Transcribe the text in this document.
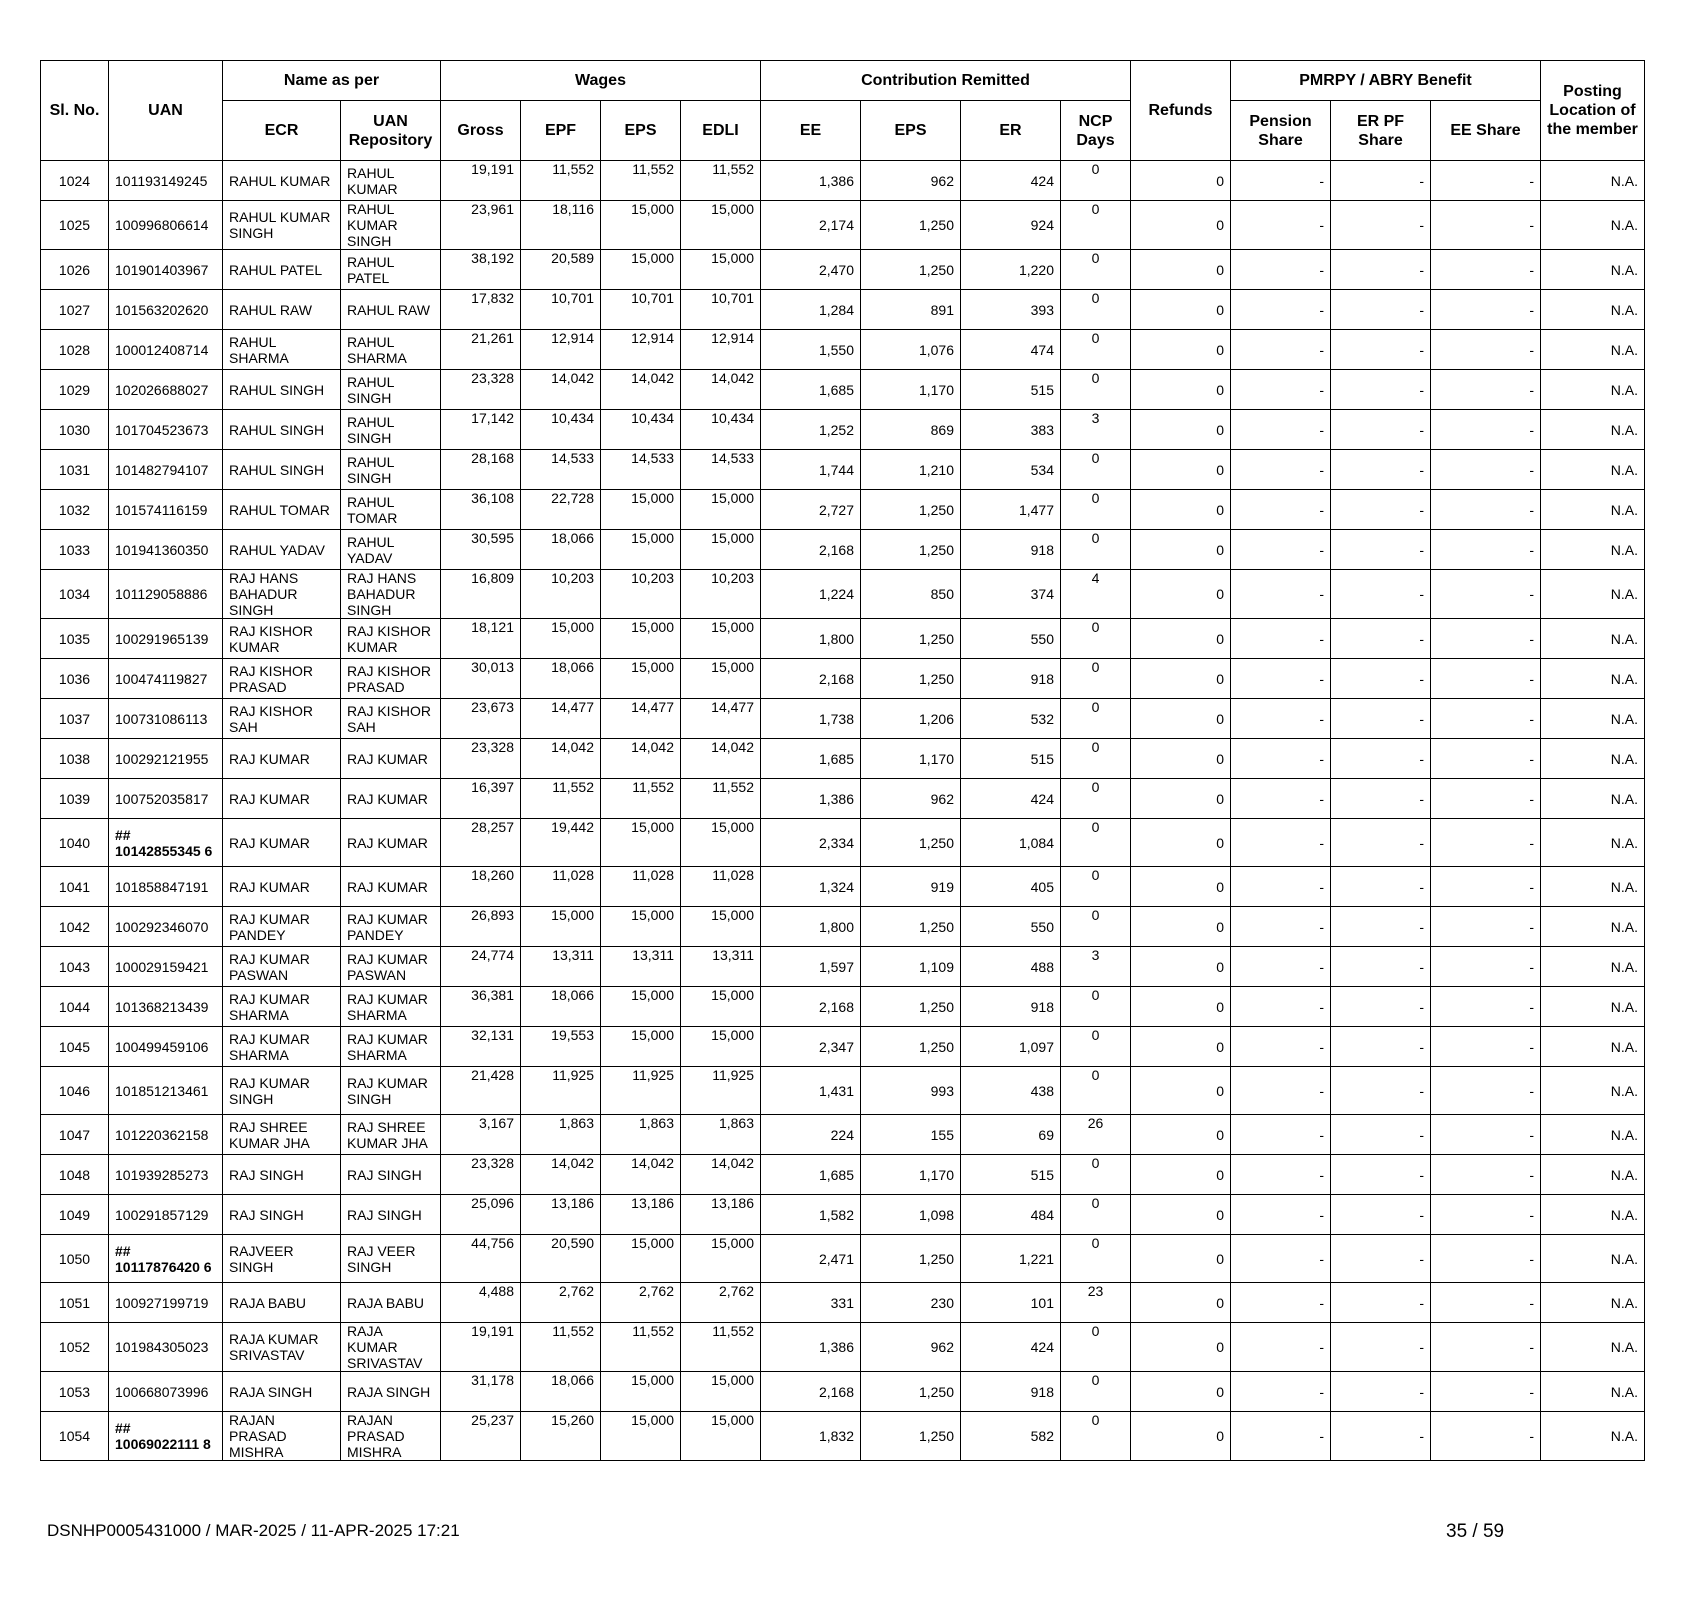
Sl. No.	UAN	Name as per		Wages				Contribution Remitted				Refunds	PMRPY / ABRY Benefit			Posting Location of the member
		ECR	UAN Repository	Gross	EPF	EPS	EDLI	EE	EPS	ER	NCP Days		Pension Share	ER PF Share	EE Share	
1024	101193149245	RAHUL KUMAR	RAHUL KUMAR	19,191	11,552	11,552	11,552	1,386	962	424	0	0	-	-	-	N.A.
1025	100996806614	RAHUL KUMAR SINGH	RAHUL KUMAR SINGH	23,961	18,116	15,000	15,000	2,174	1,250	924	0	0	-	-	-	N.A.
1026	101901403967	RAHUL PATEL	RAHUL PATEL	38,192	20,589	15,000	15,000	2,470	1,250	1,220	0	0	-	-	-	N.A.
1027	101563202620	RAHUL RAW	RAHUL RAW	17,832	10,701	10,701	10,701	1,284	891	393	0	0	-	-	-	N.A.
1028	100012408714	RAHUL SHARMA	RAHUL SHARMA	21,261	12,914	12,914	12,914	1,550	1,076	474	0	0	-	-	-	N.A.
1029	102026688027	RAHUL SINGH	RAHUL SINGH	23,328	14,042	14,042	14,042	1,685	1,170	515	0	0	-	-	-	N.A.
1030	101704523673	RAHUL SINGH	RAHUL SINGH	17,142	10,434	10,434	10,434	1,252	869	383	3	0	-	-	-	N.A.
1031	101482794107	RAHUL SINGH	RAHUL SINGH	28,168	14,533	14,533	14,533	1,744	1,210	534	0	0	-	-	-	N.A.
1032	101574116159	RAHUL TOMAR	RAHUL TOMAR	36,108	22,728	15,000	15,000	2,727	1,250	1,477	0	0	-	-	-	N.A.
1033	101941360350	RAHUL YADAV	RAHUL YADAV	30,595	18,066	15,000	15,000	2,168	1,250	918	0	0	-	-	-	N.A.
1034	101129058886	RAJ HANS BAHADUR SINGH	RAJ HANS BAHADUR SINGH	16,809	10,203	10,203	10,203	1,224	850	374	4	0	-	-	-	N.A.
1035	100291965139	RAJ KISHOR KUMAR	RAJ KISHOR KUMAR	18,121	15,000	15,000	15,000	1,800	1,250	550	0	0	-	-	-	N.A.
1036	100474119827	RAJ KISHOR PRASAD	RAJ KISHOR PRASAD	30,013	18,066	15,000	15,000	2,168	1,250	918	0	0	-	-	-	N.A.
1037	100731086113	RAJ KISHOR SAH	RAJ KISHOR SAH	23,673	14,477	14,477	14,477	1,738	1,206	532	0	0	-	-	-	N.A.
1038	100292121955	RAJ KUMAR	RAJ KUMAR	23,328	14,042	14,042	14,042	1,685	1,170	515	0	0	-	-	-	N.A.
1039	100752035817	RAJ KUMAR	RAJ KUMAR	16,397	11,552	11,552	11,552	1,386	962	424	0	0	-	-	-	N.A.
1040	## 10142855345 6	RAJ KUMAR	RAJ KUMAR	28,257	19,442	15,000	15,000	2,334	1,250	1,084	0	0	-	-	-	N.A.
1041	101858847191	RAJ KUMAR	RAJ KUMAR	18,260	11,028	11,028	11,028	1,324	919	405	0	0	-	-	-	N.A.
1042	100292346070	RAJ KUMAR PANDEY	RAJ KUMAR PANDEY	26,893	15,000	15,000	15,000	1,800	1,250	550	0	0	-	-	-	N.A.
1043	100029159421	RAJ KUMAR PASWAN	RAJ KUMAR PASWAN	24,774	13,311	13,311	13,311	1,597	1,109	488	3	0	-	-	-	N.A.
1044	101368213439	RAJ KUMAR SHARMA	RAJ KUMAR SHARMA	36,381	18,066	15,000	15,000	2,168	1,250	918	0	0	-	-	-	N.A.
1045	100499459106	RAJ KUMAR SHARMA	RAJ KUMAR SHARMA	32,131	19,553	15,000	15,000	2,347	1,250	1,097	0	0	-	-	-	N.A.
1046	101851213461	RAJ KUMAR SINGH	RAJ KUMAR SINGH	21,428	11,925	11,925	11,925	1,431	993	438	0	0	-	-	-	N.A.
1047	101220362158	RAJ SHREE KUMAR JHA	RAJ SHREE KUMAR JHA	3,167	1,863	1,863	1,863	224	155	69	26	0	-	-	-	N.A.
1048	101939285273	RAJ SINGH	RAJ SINGH	23,328	14,042	14,042	14,042	1,685	1,170	515	0	0	-	-	-	N.A.
1049	100291857129	RAJ SINGH	RAJ SINGH	25,096	13,186	13,186	13,186	1,582	1,098	484	0	0	-	-	-	N.A.
1050	## 10117876420 6	RAJVEER SINGH	RAJ VEER SINGH	44,756	20,590	15,000	15,000	2,471	1,250	1,221	0	0	-	-	-	N.A.
1051	100927199719	RAJA BABU	RAJA BABU	4,488	2,762	2,762	2,762	331	230	101	23	0	-	-	-	N.A.
1052	101984305023	RAJA KUMAR SRIVASTAV	RAJA KUMAR SRIVASTAV	19,191	11,552	11,552	11,552	1,386	962	424	0	0	-	-	-	N.A.
1053	100668073996	RAJA SINGH	RAJA SINGH	31,178	18,066	15,000	15,000	2,168	1,250	918	0	0	-	-	-	N.A.
1054	## 10069022111 8	RAJAN PRASAD MISHRA	RAJAN PRASAD MISHRA	25,237	15,260	15,000	15,000	1,832	1,250	582	0	0	-	-	-	N.A.
DSNHP0005431000 / MAR-2025 / 11-APR-2025 17:21	35 / 59
